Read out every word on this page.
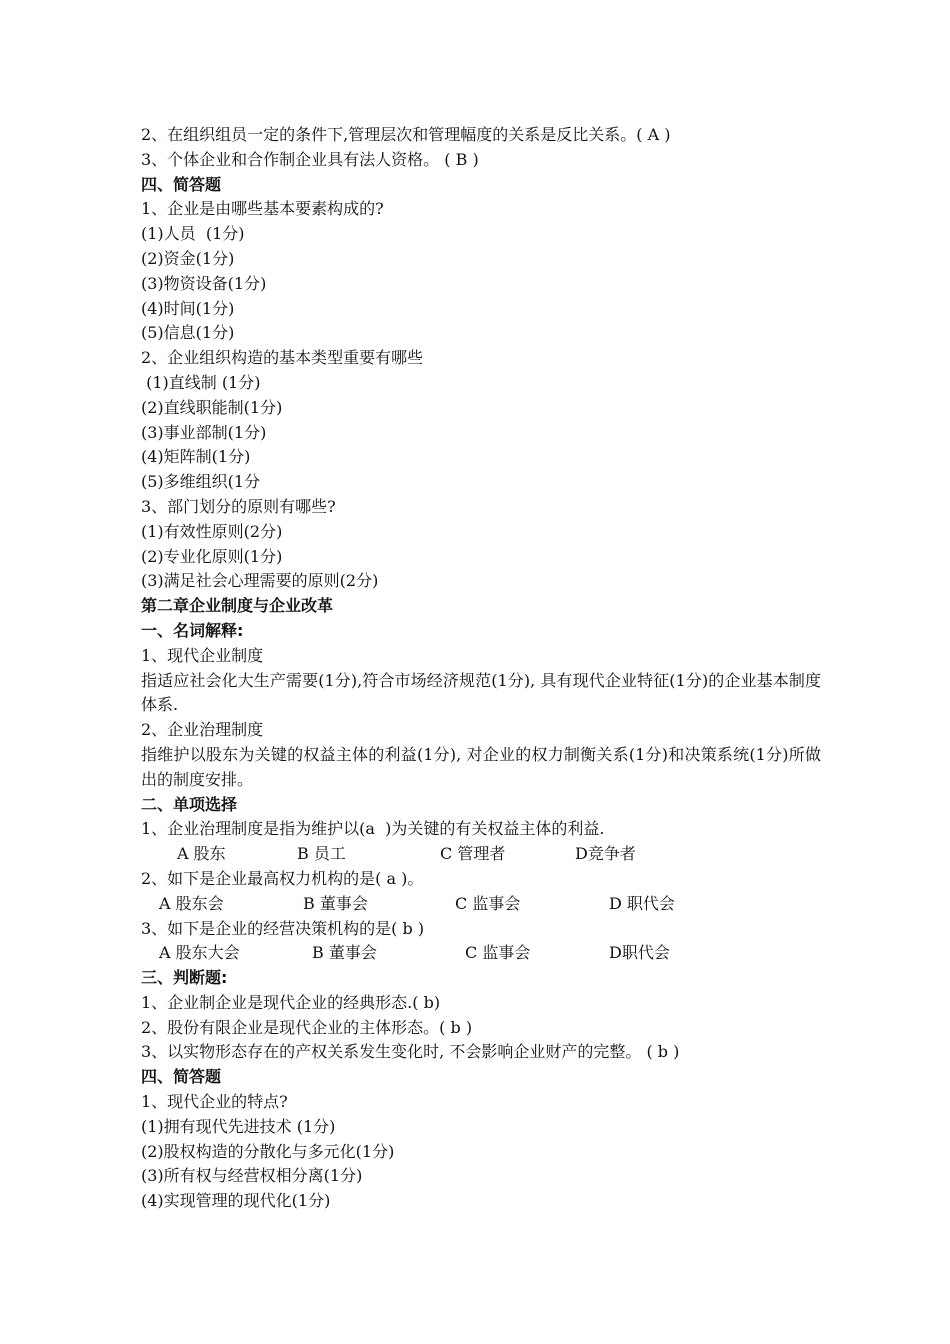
2、在组织组员一定的条件下,管理层次和管理幅度的关系是反比关系。( A )
3、个体企业和合作制企业具有法人资格。 ( B )
四、简答题
1、企业是由哪些基本要素构成的?
(1)人员  (1分)
(2)资金(1分)
(3)物资设备(1分)
(4)时间(1分)
(5)信息(1分)
2、企业组织构造的基本类型重要有哪些
(1)直线制 (1分)
(2)直线职能制(1分)
(3)事业部制(1分)
(4)矩阵制(1分)
(5)多维组织(1分
3、部门划分的原则有哪些?
(1)有效性原则(2分)
(2)专业化原则(1分)
(3)满足社会心理需要的原则(2分)
第二章企业制度与企业改革
一、名词解释:
1、现代企业制度
指适应社会化大生产需要(1分),符合市场经济规范(1分), 具有现代企业特征(1分)的企业基本制度体系.
2、企业治理制度
指维护以股东为关键的权益主体的利益(1分), 对企业的权力制衡关系(1分)和决策系统(1分)所做出的制度安排。
二、单项选择
1、企业治理制度是指为维护以(a  )为关键的有关权益主体的利益.
A 股东	B 员工	C 管理者	D竞争者
2、如下是企业最高权力机构的是( a )。
A 股东会	B 董事会	C 监事会	D 职代会
3、如下是企业的经营决策机构的是( b )
A 股东大会	B 董事会	C 监事会	D职代会
三、判断题:
1、企业制企业是现代企业的经典形态.( b)
2、股份有限企业是现代企业的主体形态。( b )
3、以实物形态存在的产权关系发生变化时, 不会影响企业财产的完整。 ( b )
四、简答题
1、现代企业的特点?
(1)拥有现代先进技术 (1分)
(2)股权构造的分散化与多元化(1分)
(3)所有权与经营权相分离(1分)
(4)实现管理的现代化(1分)
